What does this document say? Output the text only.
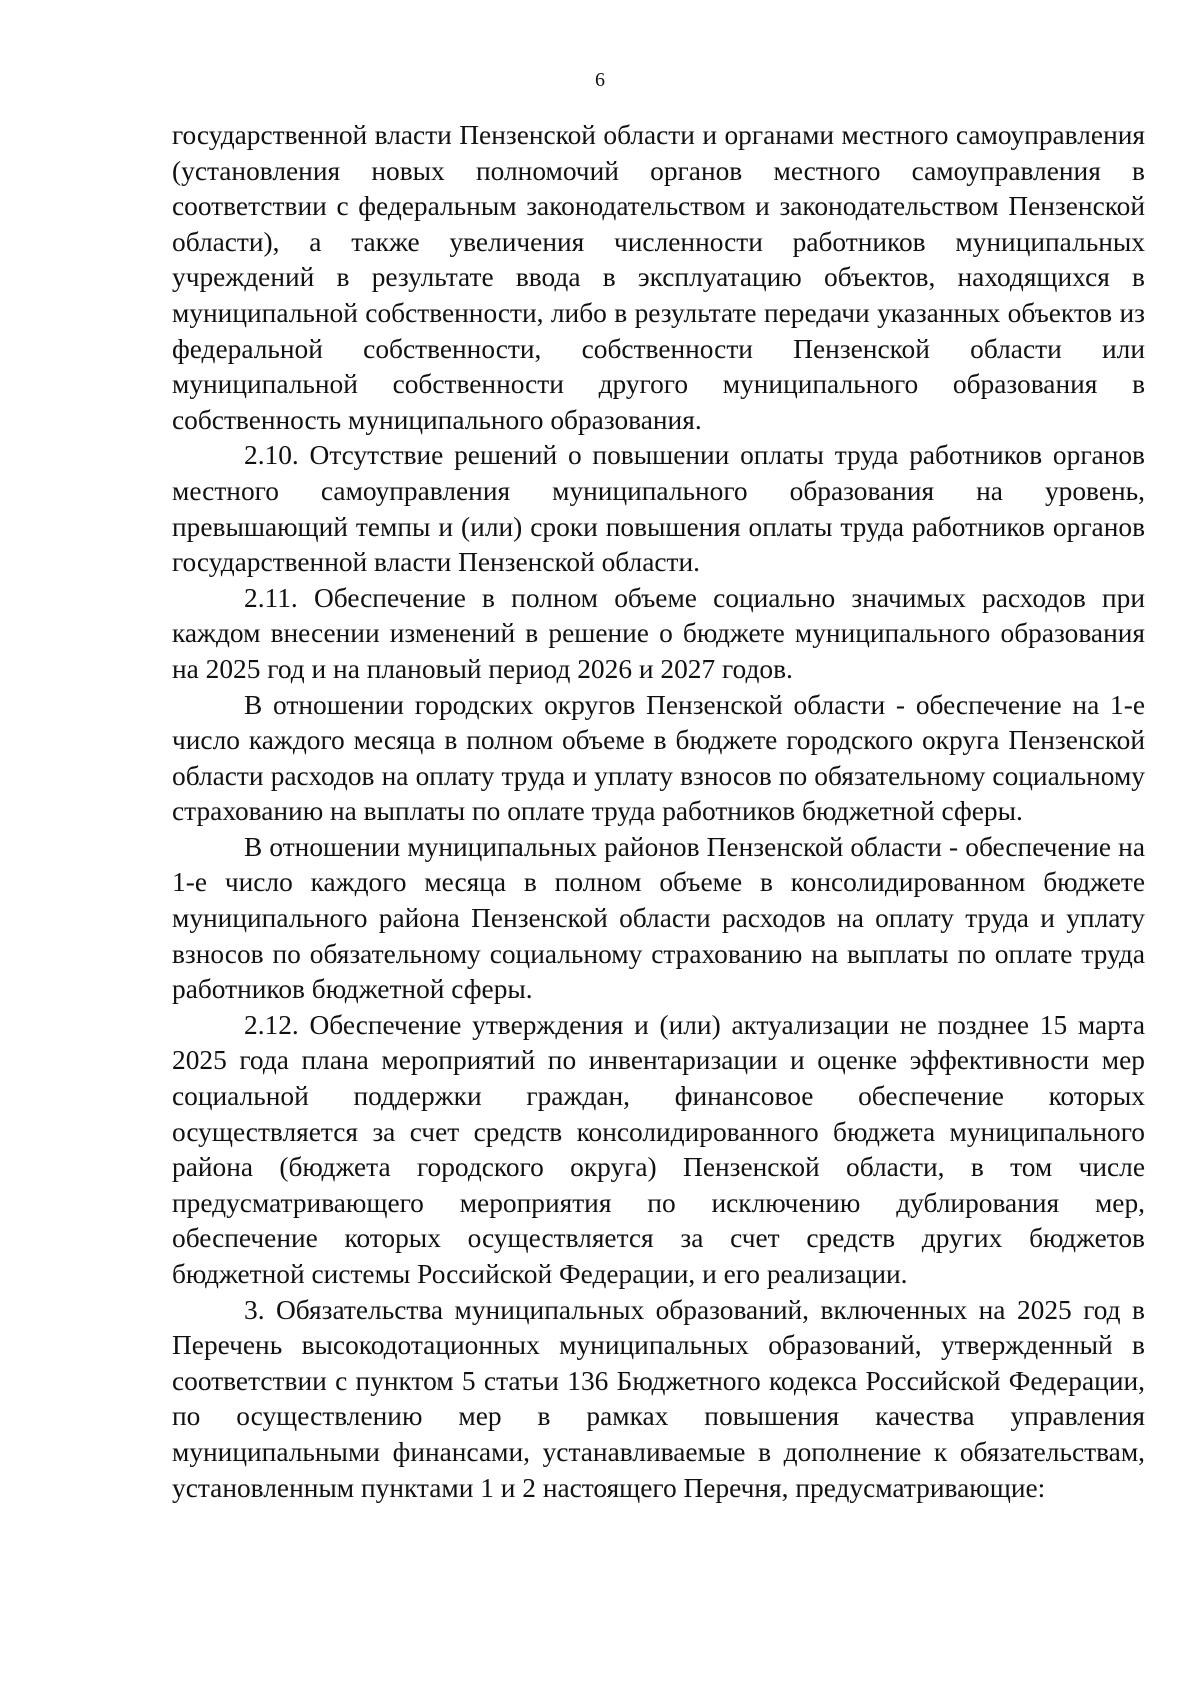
6

государственной власти Пензенской области и органами местного самоуправления (установления новых полномочий органов местного самоуправления в соответствии с федеральным законодательством и законодательством Пензенской области), а также увеличения численности работников муниципальных учреждений в результате ввода в эксплуатацию объектов, находящихся в муниципальной собственности, либо в результате передачи указанных объектов из федеральной собственности, собственности Пензенской области или муниципальной собственности другого муниципального образования в собственность муниципального образования.

2.10. Отсутствие решений о повышении оплаты труда работников органов местного самоуправления муниципального образования на уровень, превышающий темпы и (или) сроки повышения оплаты труда работников органов государственной власти Пензенской области.

2.11. Обеспечение в полном объеме социально значимых расходов при каждом внесении изменений в решение о бюджете муниципального образования на 2025 год и на плановый период 2026 и 2027 годов.

В отношении городских округов Пензенской области - обеспечение на 1-е число каждого месяца в полном объеме в бюджете городского округа Пензенской области расходов на оплату труда и уплату взносов по обязательному социальному страхованию на выплаты по оплате труда работников бюджетной сферы.

В отношении муниципальных районов Пензенской области - обеспечение на 1-е число каждого месяца в полном объеме в консолидированном бюджете муниципального района Пензенской области расходов на оплату труда и уплату взносов по обязательному социальному страхованию на выплаты по оплате труда работников бюджетной сферы.

2.12. Обеспечение утверждения и (или) актуализации не позднее 15 марта 2025 года плана мероприятий по инвентаризации и оценке эффективности мер социальной поддержки граждан, финансовое обеспечение которых осуществляется за счет средств консолидированного бюджета муниципального района (бюджета городского округа) Пензенской области, в том числе предусматривающего мероприятия по исключению дублирования мер, обеспечение которых осуществляется за счет средств других бюджетов бюджетной системы Российской Федерации, и его реализации.

3. Обязательства муниципальных образований, включенных на 2025 год в Перечень высокодотационных муниципальных образований, утвержденный в соответствии с пунктом 5 статьи 136 Бюджетного кодекса Российской Федерации, по осуществлению мер в рамках повышения качества управления муниципальными финансами, устанавливаемые в дополнение к обязательствам, установленным пунктами 1 и 2 настоящего Перечня, предусматривающие:
